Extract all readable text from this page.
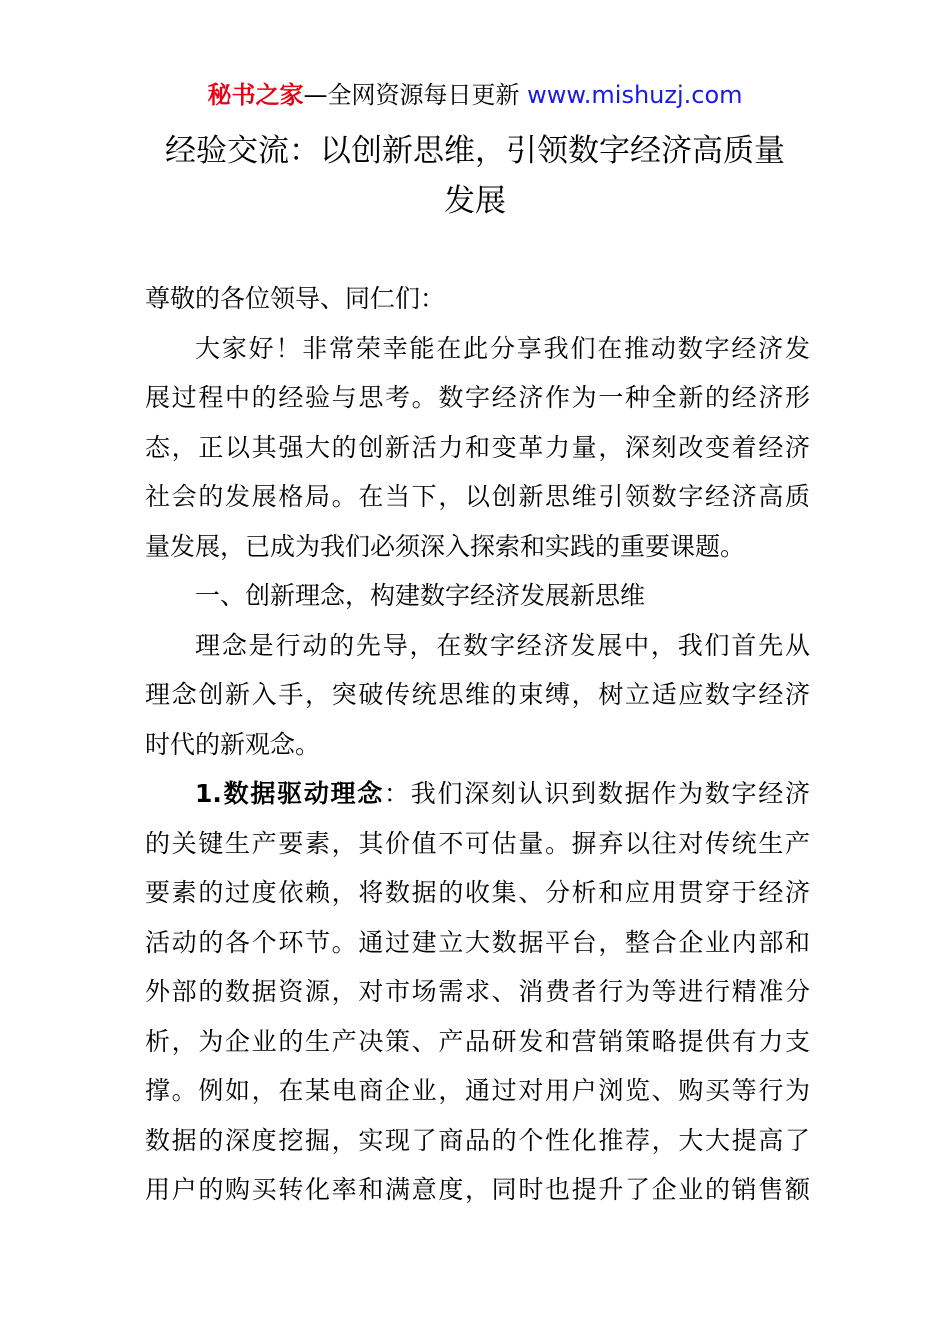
秘书之家—全网资源每日更新 www.mishuzj.com
经验交流：以创新思维，引领数字经济高质量
发展
尊敬的各位领导、同仁们：
大家好！非常荣幸能在此分享我们在推动数字经济发
展过程中的经验与思考。数字经济作为一种全新的经济形
态，正以其强大的创新活力和变革力量，深刻改变着经济
社会的发展格局。在当下，以创新思维引领数字经济高质
量发展，已成为我们必须深入探索和实践的重要课题。
一、创新理念，构建数字经济发展新思维
理念是行动的先导，在数字经济发展中，我们首先从
理念创新入手，突破传统思维的束缚，树立适应数字经济
时代的新观念。
1.数据驱动理念：我们深刻认识到数据作为数字经济
的关键生产要素，其价值不可估量。摒弃以往对传统生产
要素的过度依赖，将数据的收集、分析和应用贯穿于经济
活动的各个环节。通过建立大数据平台，整合企业内部和
外部的数据资源，对市场需求、消费者行为等进行精准分
析，为企业的生产决策、产品研发和营销策略提供有力支
撑。例如，在某电商企业，通过对用户浏览、购买等行为
数据的深度挖掘，实现了商品的个性化推荐，大大提高了
用户的购买转化率和满意度，同时也提升了企业的销售额
